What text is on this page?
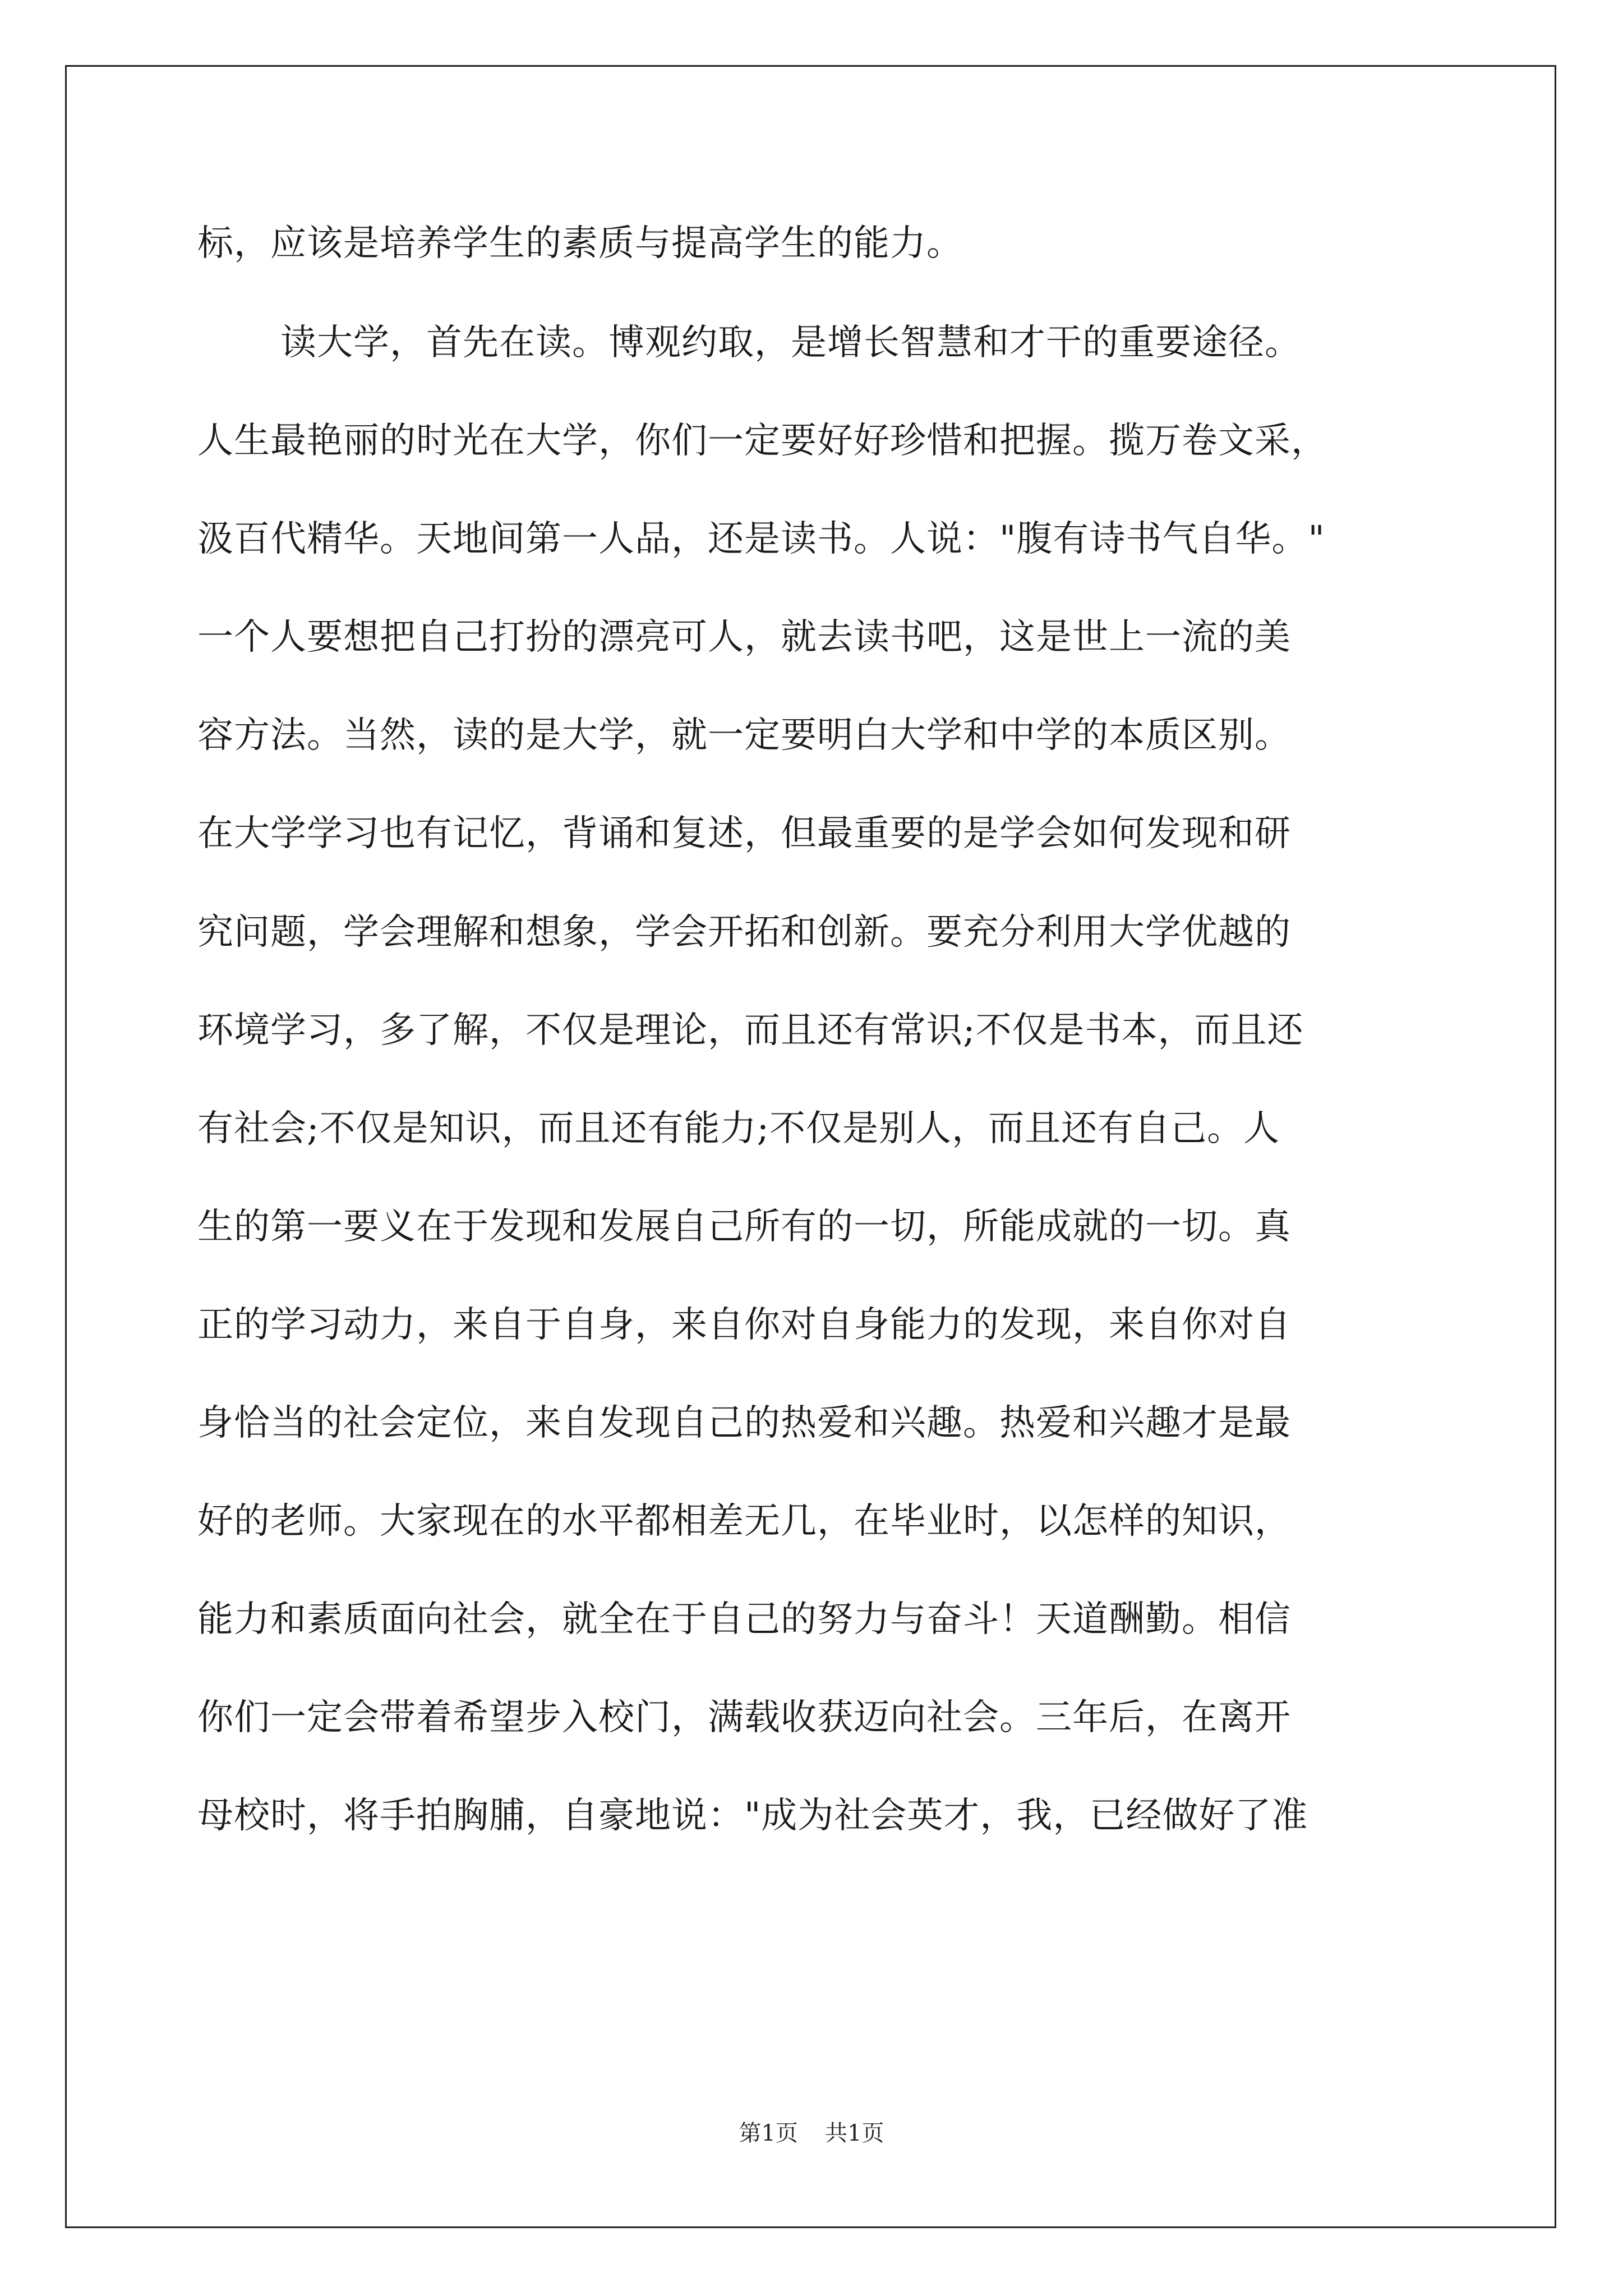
标，应该是培养学生的素质与提高学生的能力。
读大学，首先在读。博观约取，是增长智慧和才干的重要途径。
人生最艳丽的时光在大学，你们一定要好好珍惜和把握。揽万卷文采，
汲百代精华。天地间第一人品，还是读书。人说："腹有诗书气自华。"
一个人要想把自己打扮的漂亮可人，就去读书吧，这是世上一流的美
容方法。当然，读的是大学，就一定要明白大学和中学的本质区别。
在大学学习也有记忆，背诵和复述，但最重要的是学会如何发现和研
究问题，学会理解和想象，学会开拓和创新。要充分利用大学优越的
环境学习，多了解，不仅是理论，而且还有常识;不仅是书本，而且还
有社会;不仅是知识，而且还有能力;不仅是别人，而且还有自己。人
生的第一要义在于发现和发展自己所有的一切，所能成就的一切。真
正的学习动力，来自于自身，来自你对自身能力的发现，来自你对自
身恰当的社会定位，来自发现自己的热爱和兴趣。热爱和兴趣才是最
好的老师。大家现在的水平都相差无几，在毕业时，以怎样的知识，
能力和素质面向社会，就全在于自己的努力与奋斗！天道酬勤。相信
你们一定会带着希望步入校门，满载收获迈向社会。三年后，在离开
母校时，将手拍胸脯，自豪地说："成为社会英才，我，已经做好了准
第1页 共1页
